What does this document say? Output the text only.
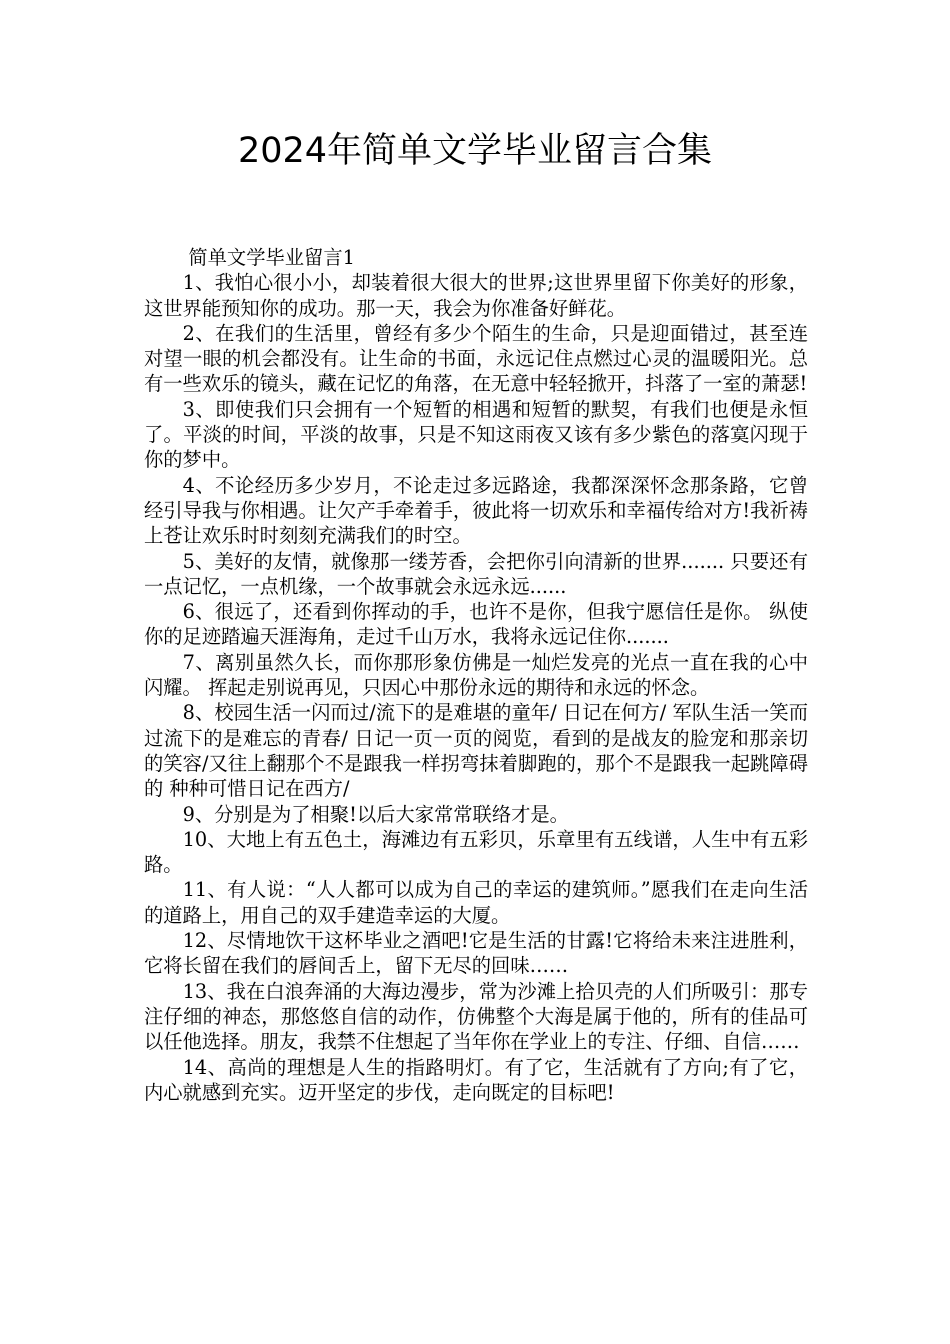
2024年简单文学毕业留言合集

简单文学毕业留言1

1、我怕心很小小，却装着很大很大的世界;这世界里留下你美好的形象，这世界能预知你的成功。那一天，我会为你准备好鲜花。

2、在我们的生活里，曾经有多少个陌生的生命，只是迎面错过，甚至连对望一眼的机会都没有。让生命的书面，永远记住点燃过心灵的温暖阳光。总有一些欢乐的镜头，藏在记忆的角落，在无意中轻轻掀开，抖落了一室的萧瑟!

3、即使我们只会拥有一个短暂的相遇和短暂的默契，有我们也便是永恒了。平淡的时间，平淡的故事，只是不知这雨夜又该有多少紫色的落寞闪现于你的梦中。

4、不论经历多少岁月，不论走过多远路途，我都深深怀念那条路，它曾经引导我与你相遇。让欠产手牵着手，彼此将一切欢乐和幸福传给对方!我祈祷上苍让欢乐时时刻刻充满我们的时空。

5、美好的友情，就像那一缕芳香，会把你引向清新的世界....... 只要还有一点记忆，一点机缘，一个故事就会永远永远......

6、很远了，还看到你挥动的手，也许不是你，但我宁愿信任是你。 纵使你的足迹踏遍天涯海角，走过千山万水，我将永远记住你.......

7、离别虽然久长，而你那形象仿佛是一灿烂发亮的光点一直在我的心中闪耀。 挥起走别说再见，只因心中那份永远的期待和永远的怀念。

8、校园生活一闪而过/流下的是难堪的童年/ 日记在何方/ 军队生活一笑而过流下的是难忘的青春/ 日记一页一页的阅览，看到的是战友的脸宠和那亲切的笑容/又往上翻那个不是跟我一样拐弯抹着脚跑的，那个不是跟我一起跳障碍的 种种可惜日记在西方/

9、分别是为了相聚!以后大家常常联络才是。

10、大地上有五色土，海滩边有五彩贝，乐章里有五线谱，人生中有五彩路。

11、有人说：“人人都可以成为自己的幸运的建筑师。”愿我们在走向生活的道路上，用自己的双手建造幸运的大厦。

12、尽情地饮干这杯毕业之酒吧!它是生活的甘露!它将给未来注进胜利，它将长留在我们的唇间舌上，留下无尽的回味……

13、我在白浪奔涌的大海边漫步，常为沙滩上拾贝壳的人们所吸引：那专注仔细的神态，那悠悠自信的动作，仿佛整个大海是属于他的，所有的佳品可以任他选择。朋友，我禁不住想起了当年你在学业上的专注、仔细、自信……

14、高尚的理想是人生的指路明灯。有了它，生活就有了方向;有了它，内心就感到充实。迈开坚定的步伐，走向既定的目标吧!
